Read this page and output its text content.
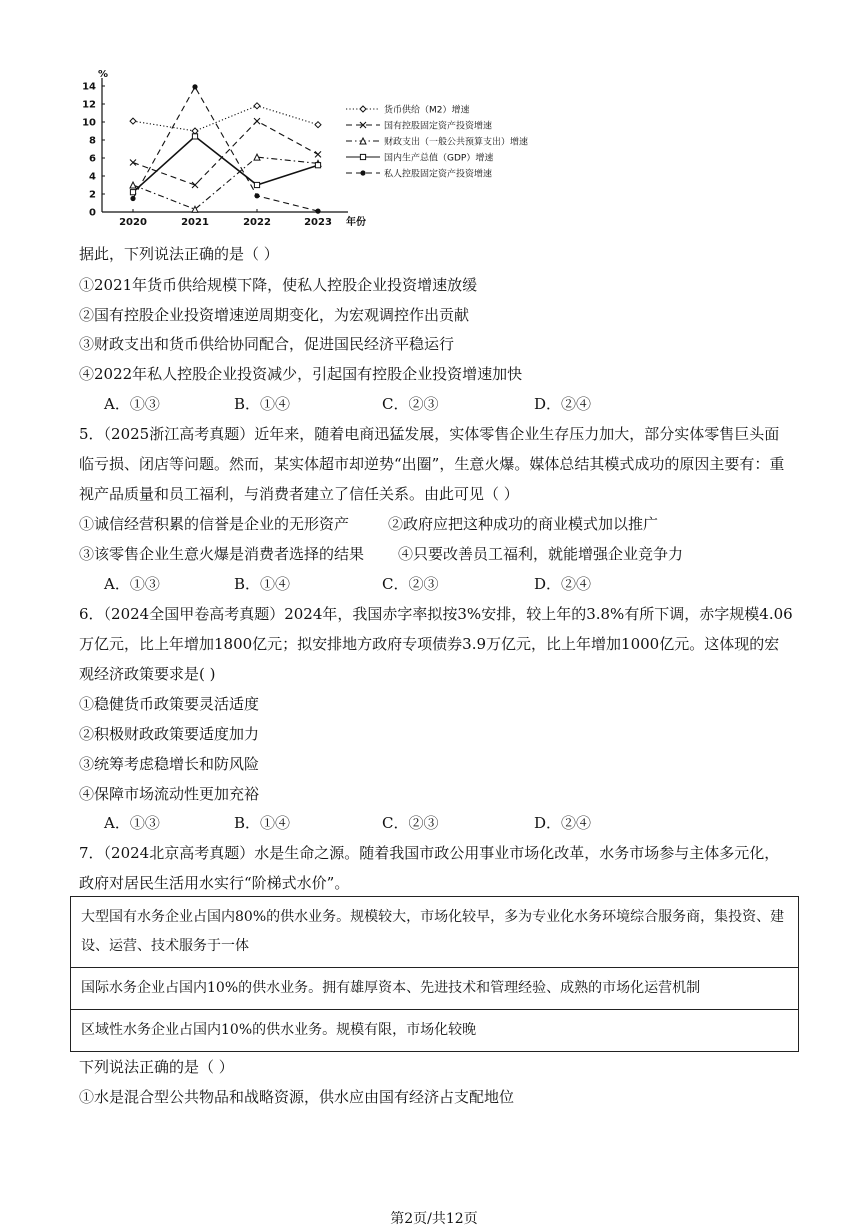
%
0
2
4
6
8
10
12
14
2020	2021	2022	2023 年份
货币供给（M2）增速
国有控股固定资产投资增速
财政支出（一般公共预算支出）增速
国内生产总值（GDP）增速
私人控股固定资产投资增速
据此，下列说法正确的是（ ）
①2021年货币供给规模下降，使私人控股企业投资增速放缓
②国有控股企业投资增速逆周期变化，为宏观调控作出贡献
③财政支出和货币供给协同配合，促进国民经济平稳运行
④2022年私人控股企业投资减少，引起国有控股企业投资增速加快
A．①③	B．①④	C．②③	D．②④
5．（2025浙江高考真题）近年来，随着电商迅猛发展，实体零售企业生存压力加大，部分实体零售巨头面
临亏损、闭店等问题。然而，某实体超市却逆势“出圈”，生意火爆。媒体总结其模式成功的原因主要有：重
视产品质量和员工福利，与消费者建立了信任关系。由此可见（ ）
①诚信经营积累的信誉是企业的无形资产	②政府应把这种成功的商业模式加以推广
③该零售企业生意火爆是消费者选择的结果 ④只要改善员工福利，就能增强企业竞争力
A．①③	B．①④	C．②③	D．②④
6．（2024全国甲卷高考真题）2024年，我国赤字率拟按3%安排，较上年的3.8%有所下调，赤字规模4.06
万亿元，比上年增加1800亿元；拟安排地方政府专项债券3.9万亿元，比上年增加1000亿元。这体现的宏
观经济政策要求是( )
①稳健货币政策要灵活适度
②积极财政政策要适度加力
③统筹考虑稳增长和防风险
④保障市场流动性更加充裕
A．①③	B．①④	C．②③	D．②④
7．（2024北京高考真题）水是生命之源。随着我国市政公用事业市场化改革，水务市场参与主体多元化，
政府对居民生活用水实行“阶梯式水价”。
大型国有水务企业占国内80%的供水业务。规模较大，市场化较早，多为专业化水务环境综合服务商，集投资、建设、运营、技术服务于一体
国际水务企业占国内10%的供水业务。拥有雄厚资本、先进技术和管理经验、成熟的市场化运营机制
区域性水务企业占国内10%的供水业务。规模有限，市场化较晚
下列说法正确的是（ ）
①水是混合型公共物品和战略资源，供水应由国有经济占支配地位
第2页/共12页
